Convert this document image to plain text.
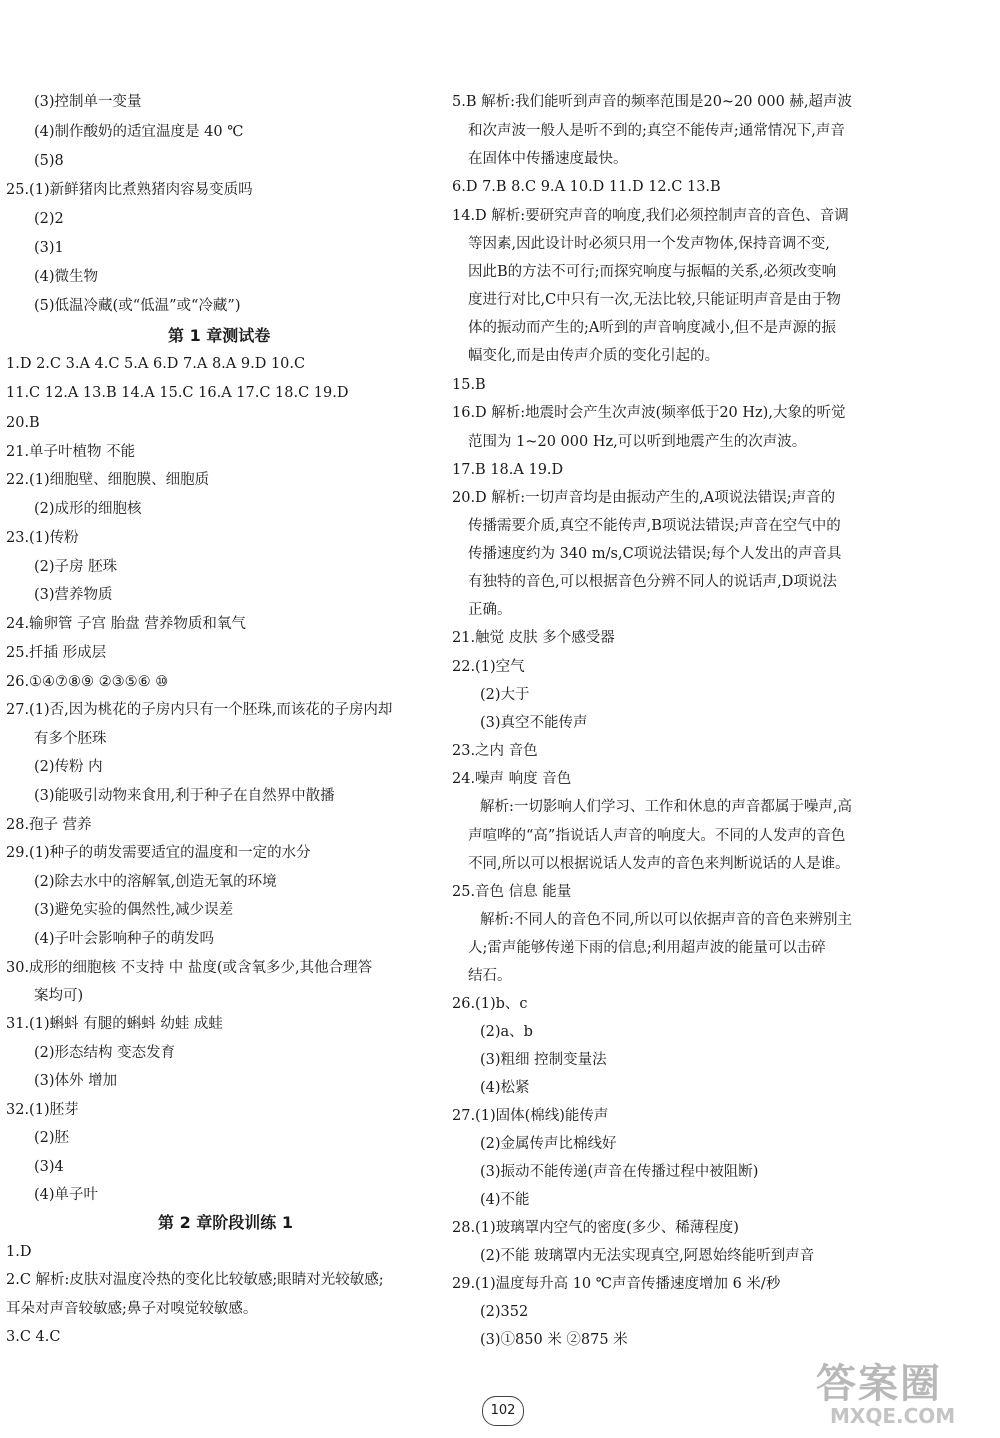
(3)控制单一变量
(4)制作酸奶的适宜温度是 40 ℃
(5)8
25.(1)新鲜猪肉比煮熟猪肉容易变质吗
(2)2
(3)1
(4)微生物
(5)低温冷藏(或“低温”或“冷藏”)
第 1 章测试卷
1.D 2.C 3.A 4.C 5.A 6.D 7.A 8.A 9.D 10.C
11.C 12.A 13.B 14.A 15.C 16.A 17.C 18.C 19.D
20.B
21.单子叶植物 不能
22.(1)细胞壁、细胞膜、细胞质
(2)成形的细胞核
23.(1)传粉
(2)子房 胚珠
(3)营养物质
24.输卵管 子宫 胎盘 营养物质和氧气
25.扦插 形成层
26.①④⑦⑧⑨ ②③⑤⑥ ⑩
27.(1)否,因为桃花的子房内只有一个胚珠,而该花的子房内却
有多个胚珠
(2)传粉 内
(3)能吸引动物来食用,利于种子在自然界中散播
28.孢子 营养
29.(1)种子的萌发需要适宜的温度和一定的水分
(2)除去水中的溶解氧,创造无氧的环境
(3)避免实验的偶然性,减少误差
(4)子叶会影响种子的萌发吗
30.成形的细胞核 不支持 中 盐度(或含氧多少,其他合理答
案均可)
31.(1)蝌蚪 有腿的蝌蚪 幼蛙 成蛙
(2)形态结构 变态发育
(3)体外 增加
32.(1)胚芽
(2)胚
(3)4
(4)单子叶
第 2 章阶段训练 1
1.D
2.C 解析:皮肤对温度冷热的变化比较敏感;眼睛对光较敏感;
耳朵对声音较敏感;鼻子对嗅觉较敏感。
3.C 4.C
5.B 解析:我们能听到声音的频率范围是20~20 000 赫,超声波
和次声波一般人是听不到的;真空不能传声;通常情况下,声音
在固体中传播速度最快。
6.D 7.B 8.C 9.A 10.D 11.D 12.C 13.B
14.D 解析:要研究声音的响度,我们必须控制声音的音色、音调
等因素,因此设计时必须只用一个发声物体,保持音调不变,
因此B的方法不可行;而探究响度与振幅的关系,必须改变响
度进行对比,C中只有一次,无法比较,只能证明声音是由于物
体的振动而产生的;A听到的声音响度减小,但不是声源的振
幅变化,而是由传声介质的变化引起的。
15.B
16.D 解析:地震时会产生次声波(频率低于20 Hz),大象的听觉
范围为 1~20 000 Hz,可以听到地震产生的次声波。
17.B 18.A 19.D
20.D 解析:一切声音均是由振动产生的,A项说法错误;声音的
传播需要介质,真空不能传声,B项说法错误;声音在空气中的
传播速度约为 340 m/s,C项说法错误;每个人发出的声音具
有独特的音色,可以根据音色分辨不同人的说话声,D项说法
正确。
21.触觉 皮肤 多个感受器
22.(1)空气
(2)大于
(3)真空不能传声
23.之内 音色
24.噪声 响度 音色
解析:一切影响人们学习、工作和休息的声音都属于噪声,高
声喧哗的“高”指说话人声音的响度大。不同的人发声的音色
不同,所以可以根据说话人发声的音色来判断说话的人是谁。
25.音色 信息 能量
解析:不同人的音色不同,所以可以依据声音的音色来辨别主
人;雷声能够传递下雨的信息;利用超声波的能量可以击碎
结石。
26.(1)b、c
(2)a、b
(3)粗细 控制变量法
(4)松紧
27.(1)固体(棉线)能传声
(2)金属传声比棉线好
(3)振动不能传递(声音在传播过程中被阻断)
(4)不能
28.(1)玻璃罩内空气的密度(多少、稀薄程度)
(2)不能 玻璃罩内无法实现真空,阿恩始终能听到声音
29.(1)温度每升高 10 ℃声音传播速度增加 6 米/秒
(2)352
(3)①850 米 ②875 米
102
答案圈
MXQE.COM
